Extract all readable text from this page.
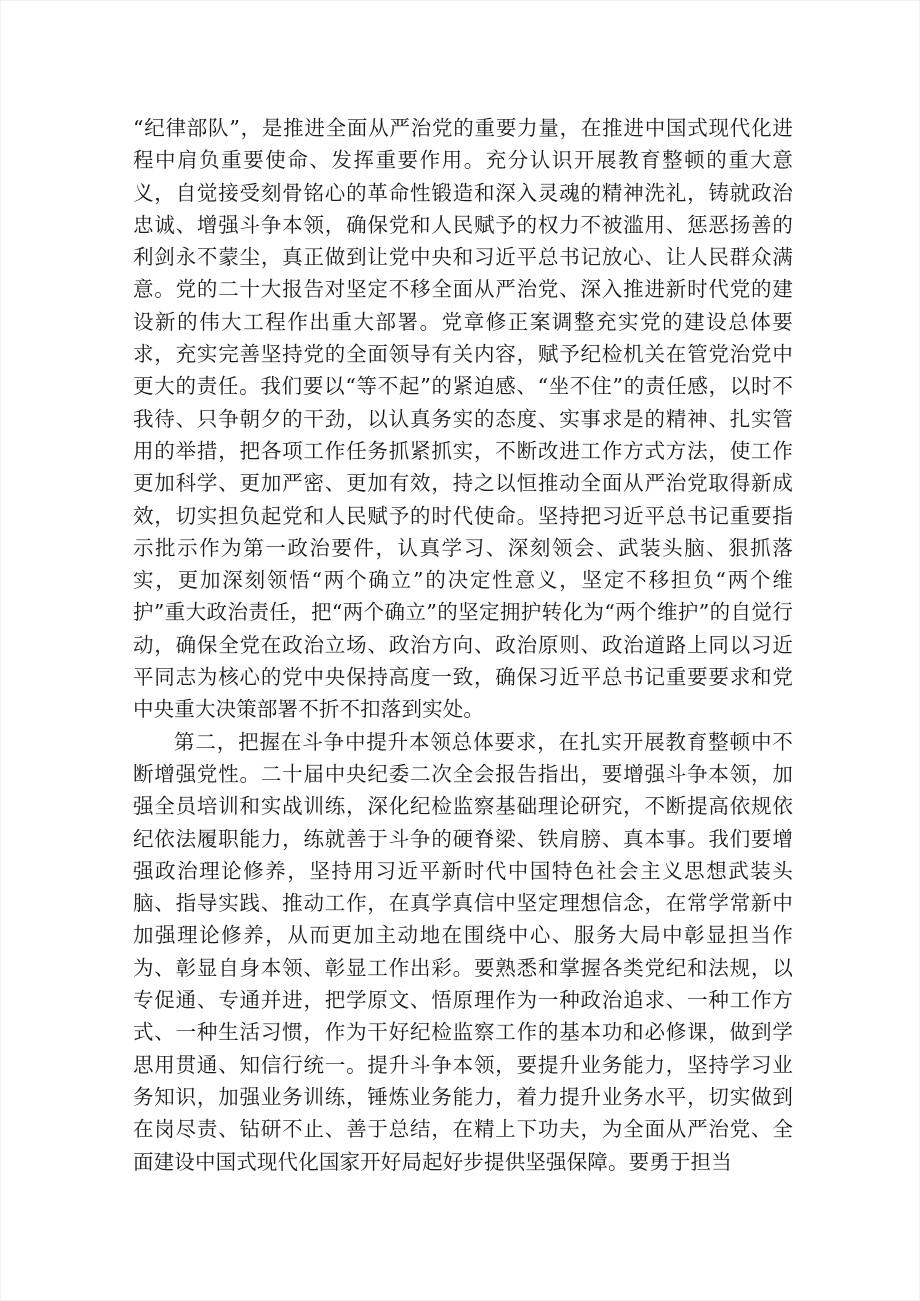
“纪律部队”，是推进全面从严治党的重要力量，在推进中国式现代化进程中肩负重要使命、发挥重要作用。充分认识开展教育整顿的重大意义，自觉接受刻骨铭心的革命性锻造和深入灵魂的精神洗礼，铸就政治忠诚、增强斗争本领，确保党和人民赋予的权力不被滥用、惩恶扬善的利剑永不蒙尘，真正做到让党中央和习近平总书记放心、让人民群众满意。党的二十大报告对坚定不移全面从严治党、深入推进新时代党的建设新的伟大工程作出重大部署。党章修正案调整充实党的建设总体要求，充实完善坚持党的全面领导有关内容，赋予纪检机关在管党治党中更大的责任。我们要以“等不起”的紧迫感、“坐不住”的责任感，以时不我待、只争朝夕的干劲，以认真务实的态度、实事求是的精神、扎实管用的举措，把各项工作任务抓紧抓实，不断改进工作方式方法，使工作更加科学、更加严密、更加有效，持之以恒推动全面从严治党取得新成效，切实担负起党和人民赋予的时代使命。坚持把习近平总书记重要指示批示作为第一政治要件，认真学习、深刻领会、武装头脑、狠抓落实，更加深刻领悟“两个确立”的决定性意义，坚定不移担负“两个维护”重大政治责任，把“两个确立”的坚定拥护转化为“两个维护”的自觉行动，确保全党在政治立场、政治方向、政治原则、政治道路上同以习近平同志为核心的党中央保持高度一致，确保习近平总书记重要要求和党中央重大决策部署不折不扣落到实处。

第二，把握在斗争中提升本领总体要求，在扎实开展教育整顿中不断增强党性。二十届中央纪委二次全会报告指出，要增强斗争本领，加强全员培训和实战训练，深化纪检监察基础理论研究，不断提高依规依纪依法履职能力，练就善于斗争的硬脊梁、铁肩膀、真本事。我们要增强政治理论修养，坚持用习近平新时代中国特色社会主义思想武装头脑、指导实践、推动工作，在真学真信中坚定理想信念，在常学常新中加强理论修养，从而更加主动地在围绕中心、服务大局中彰显担当作为、彰显自身本领、彰显工作出彩。要熟悉和掌握各类党纪和法规，以专促通、专通并进，把学原文、悟原理作为一种政治追求、一种工作方式、一种生活习惯，作为干好纪检监察工作的基本功和必修课，做到学思用贯通、知信行统一。提升斗争本领，要提升业务能力，坚持学习业务知识，加强业务训练，锤炼业务能力，着力提升业务水平，切实做到在岗尽责、钻研不止、善于总结，在精上下功夫，为全面从严治党、全面建设中国式现代化国家开好局起好步提供坚强保障。要勇于担当
